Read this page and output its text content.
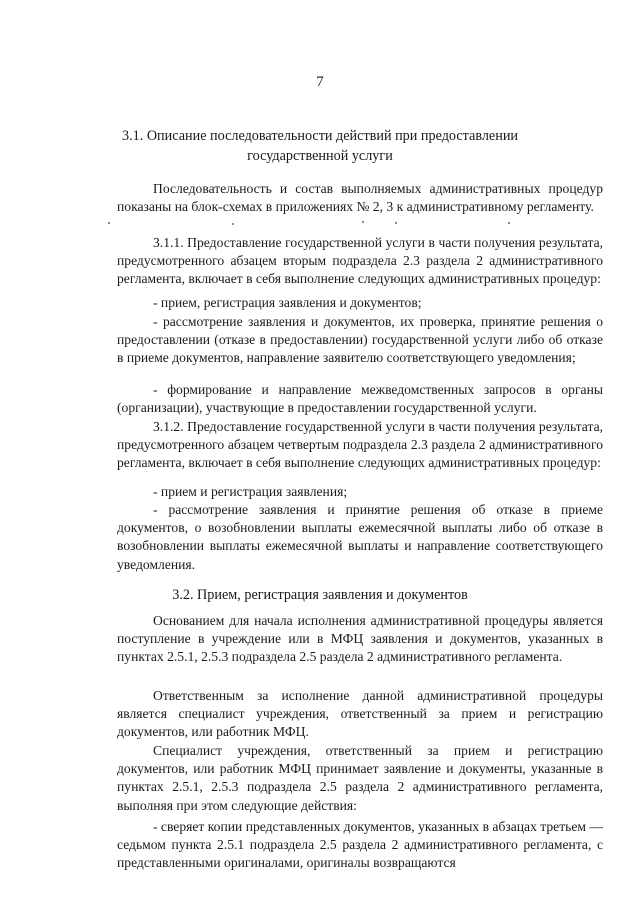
7
3.1. Описание последовательности действий при предоставлении
государственной услуги

Последовательность и состав выполняемых административных процедур показаны на блок-схемах в приложениях № 2, 3 к административному регламенту.

3.1.1. Предоставление государственной услуги в части получения результата, предусмотренного абзацем вторым подраздела 2.3 раздела 2 административного регламента, включает в себя выполнение следующих административных процедур:

- прием, регистрация заявления и документов;

- рассмотрение заявления и документов, их проверка, принятие решения о предоставлении (отказе в предоставлении) государственной услуги либо об отказе в приеме документов, направление заявителю соответствующего уведомления;

- формирование и направление межведомственных запросов в органы (организации), участвующие в предоставлении государственной услуги.

3.1.2. Предоставление государственной услуги в части получения результата, предусмотренного абзацем четвертым подраздела 2.3 раздела 2 административного регламента, включает в себя выполнение следующих административных процедур:

- прием и регистрация заявления;

- рассмотрение заявления и принятие решения об отказе в приеме документов, о возобновлении выплаты ежемесячной выплаты либо об отказе в возобновлении выплаты ежемесячной выплаты и направление соответствующего уведомления.

3.2. Прием, регистрация заявления и документов

Основанием для начала исполнения административной процедуры является поступление в учреждение или в МФЦ заявления и документов, указанных в пунктах 2.5.1, 2.5.3 подраздела 2.5 раздела 2 административного регламента.

Ответственным за исполнение данной административной процедуры является специалист учреждения, ответственный за прием и регистрацию документов, или работник МФЦ.

Специалист учреждения, ответственный за прием и регистрацию документов, или работник МФЦ принимает заявление и документы, указанные в пунктах 2.5.1, 2.5.3 подраздела 2.5 раздела 2 административного регламента, выполняя при этом следующие действия:

- сверяет копии представленных документов, указанных в абзацах третьем — седьмом пункта 2.5.1 подраздела 2.5 раздела 2 административного регламента, с представленными оригиналами, оригиналы возвращаются
